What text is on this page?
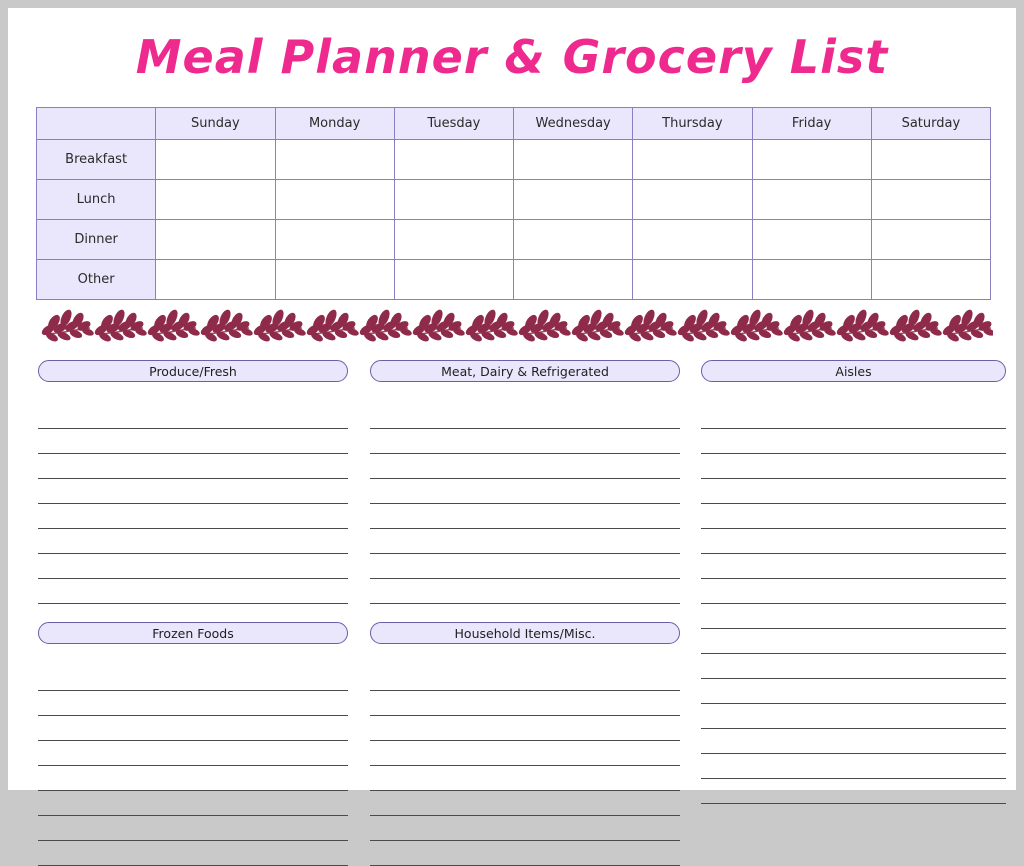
Meal Planner & Grocery List
	Sunday	Monday	Tuesday	Wednesday	Thursday	Friday	Saturday
Breakfast							
Lunch							
Dinner							
Other							
Produce/Fresh
Frozen Foods
Meat, Dairy & Refrigerated
Household Items/Misc.
Aisles
